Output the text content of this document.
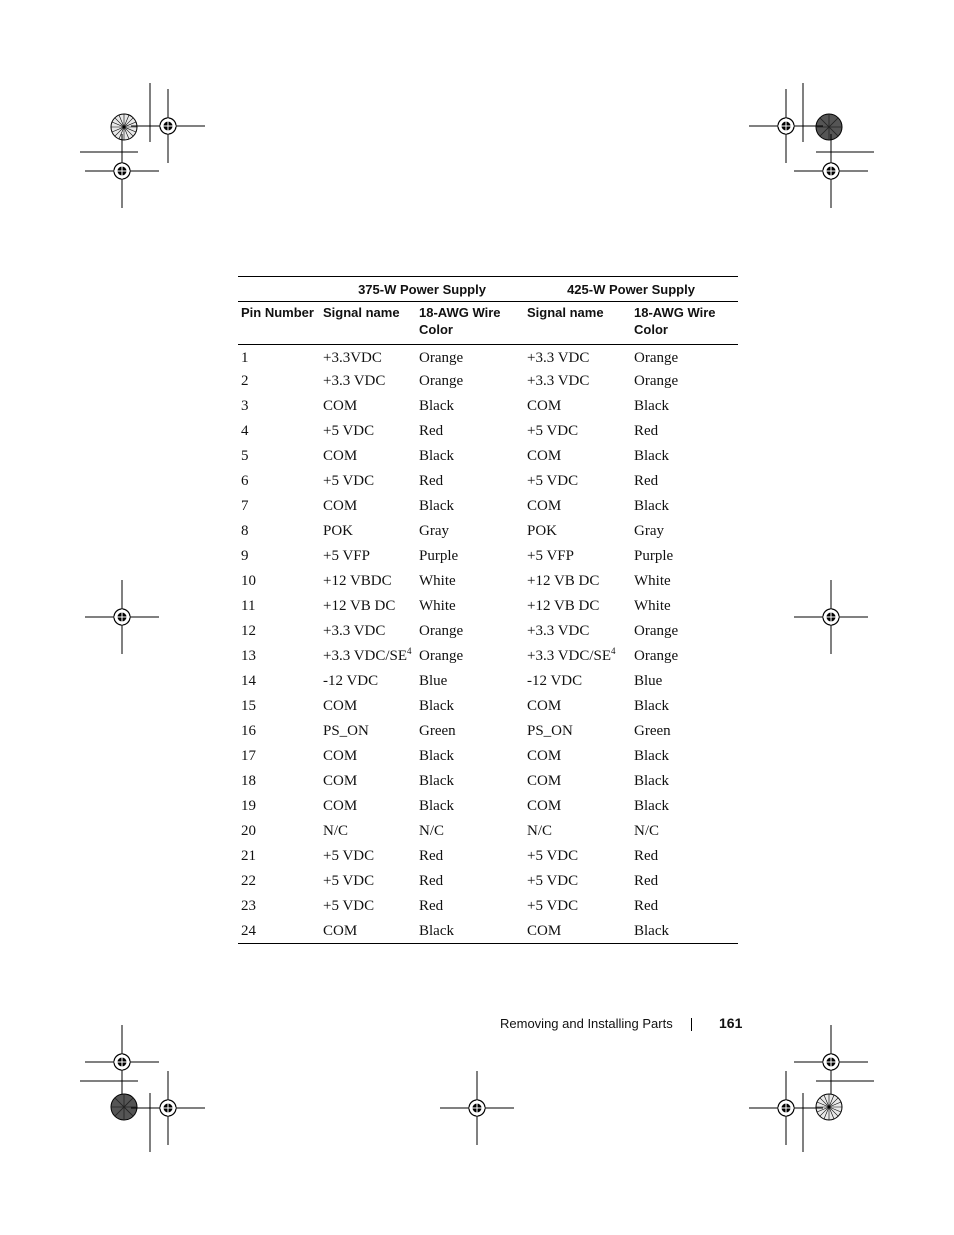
	375-W Power Supply		425-W Power Supply	
Pin Number	Signal name	18-AWG Wire Color	Signal name	18-AWG Wire Color
1	+3.3VDC	Orange	+3.3 VDC	Orange
2	+3.3 VDC	Orange	+3.3 VDC	Orange
3	COM	Black	COM	Black
4	+5 VDC	Red	+5 VDC	Red
5	COM	Black	COM	Black
6	+5 VDC	Red	+5 VDC	Red
7	COM	Black	COM	Black
8	POK	Gray	POK	Gray
9	+5 VFP	Purple	+5 VFP	Purple
10	+12 VBDC	White	+12 VB DC	White
11	+12 VB DC	White	+12 VB DC	White
12	+3.3 VDC	Orange	+3.3 VDC	Orange
13	+3.3 VDC/$SE^4$	Orange	+3.3 VDC/$SE^4$	Orange
14	-12 VDC	Blue	-12 VDC	Blue
15	COM	Black	COM	Black
16	PS_ON	Green	PS_ON	Green
17	COM	Black	COM	Black
18	COM	Black	COM	Black
19	COM	Black	COM	Black
20	N/C	N/C	N/C	N/C
21	+5 VDC	Red	+5 VDC	Red
22	+5 VDC	Red	+5 VDC	Red
23	+5 VDC	Red	+5 VDC	Red
24	COM	Black	COM	Black
Removing and Installing Parts	161
